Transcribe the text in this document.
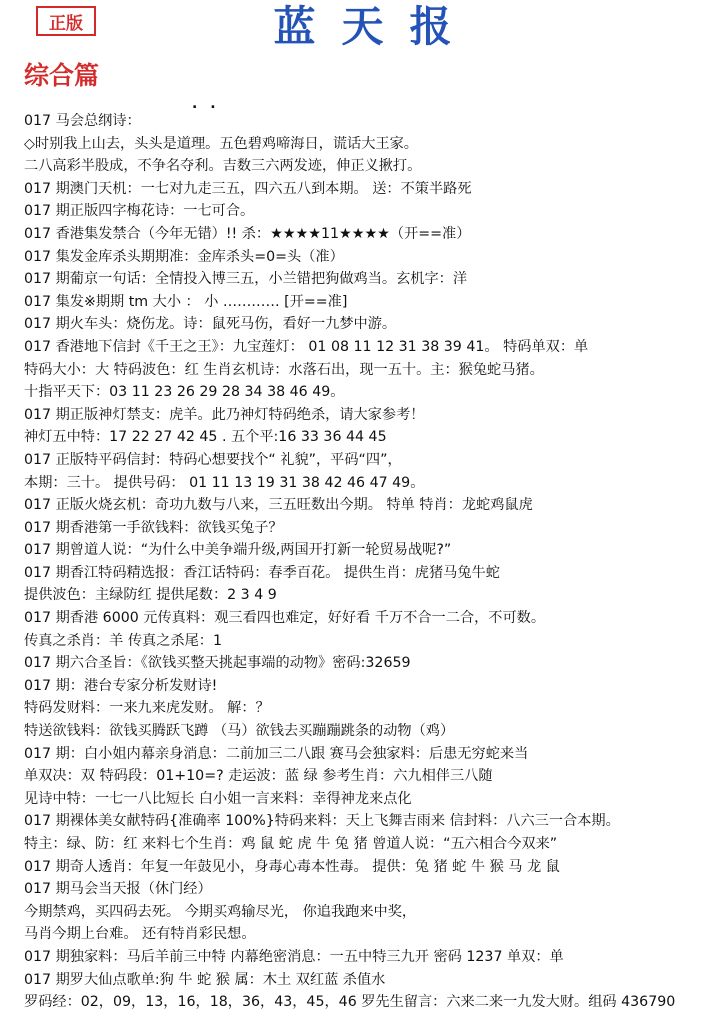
正版	蓝天报
综合篇
. .
017 马会总纲诗：
◇时别我上山去，头头是道理。五色碧鸡啼海日，谎话大王家。
二八高彩半股成，不争名夺利。吉数三六两发迹，伸正义揪打。
017 期澳门天机：一七对九走三五，四六五八到本期。 送：不策半路死
017 期正版四字梅花诗：一七可合。
017 香港集发禁合（今年无错）!! 杀：★★★★11★★★★（开==准）
017 集发金库杀头期期准：金库杀头=0=头（准）
017 期葡京一句话：全情投入博三五，小兰错把狗做鸡当。玄机字：洋
017 集发※期期 tm 大小 ： 小 ………… [开==准]
017 期火车头：烧伤龙。诗：鼠死马伤，看好一九梦中游。
017 香港地下信封《千王之王》：九宝莲灯： 01 08 11 12 31 38 39 41。 特码单双：单
特码大小：大 特码波色：红 生肖玄机诗：水落石出，现一五十。主：猴兔蛇马猪。
十指平天下：03 11 23 26 29 28 34 38 46 49。
017 期正版神灯禁支：虎羊。此乃神灯特码绝杀，请大家参考！
神灯五中特：17 22 27 42 45 . 五个平:16 33 36 44 45
017 正版特平码信封：特码心想要找个“ 礼貌”，平码“四”，
本期：三十。 提供号码： 01 11 13 19 31 38 42 46 47 49。
017 正版火烧玄机：奇功九数与八来，三五旺数出今期。 特单 特肖：龙蛇鸡鼠虎
017 期香港第一手欲钱料：欲钱买兔子？
017 期曾道人说：“为什么中美争端升级,两国开打新一轮贸易战呢?”
017 期香江特码精选报：香江话特码：春季百花。 提供生肖：虎猪马兔牛蛇
提供波色：主绿防红 提供尾数：2 3 4 9
017 期香港 6000 元传真料：观三看四也难定，好好看 千万不合一二合，不可数。
传真之杀肖：羊 传真之杀尾：1
017 期六合圣旨：《欲钱买整天挑起事端的动物》密码:32659
017 期：港台专家分析发财诗!
特码发财料：一来九来虎发财。 解：？
特送欲钱料：欲钱买腾跃飞蹲 （马）欲钱去买蹦蹦跳条的动物（鸡）
017 期：白小姐内幕亲身消息：二前加三二八跟 赛马会独家料：后患无穷蛇来当
单双决：双 特码段：01+10=? 走运波：蓝 绿 参考生肖：六九相伴三八随
见诗中特：一七一八比短长 白小姐一言来料：幸得神龙来点化
017 期裸体美女献特码{准确率 100%}特码来料：天上飞舞吉雨来 信封料：八六三一合本期。
特主：绿、防：红 来料七个生肖：鸡 鼠 蛇 虎 牛 兔 猪 曾道人说：“五六相合今双来”
017 期奇人透肖：年复一年鼓见小，身毒心毒本性毒。 提供：兔 猪 蛇 牛 猴 马 龙 鼠
017 期马会当天报（休门经）
今期禁鸡，买四码去死。 今期买鸡输尽光， 你追我跑来中奖，
马肖今期上台难。 还有特肖彩民想。
017 期独家料：马后羊前三中特 内幕绝密消息：一五中特三九开 密码 1237 单双：单
017 期罗大仙点歌单:狗 牛 蛇 猴 属：木土 双红蓝 杀值水
罗码经：02，09，13，16，18，36，43，45，46 罗先生留言：六来二来一九发大财。组码 436790
